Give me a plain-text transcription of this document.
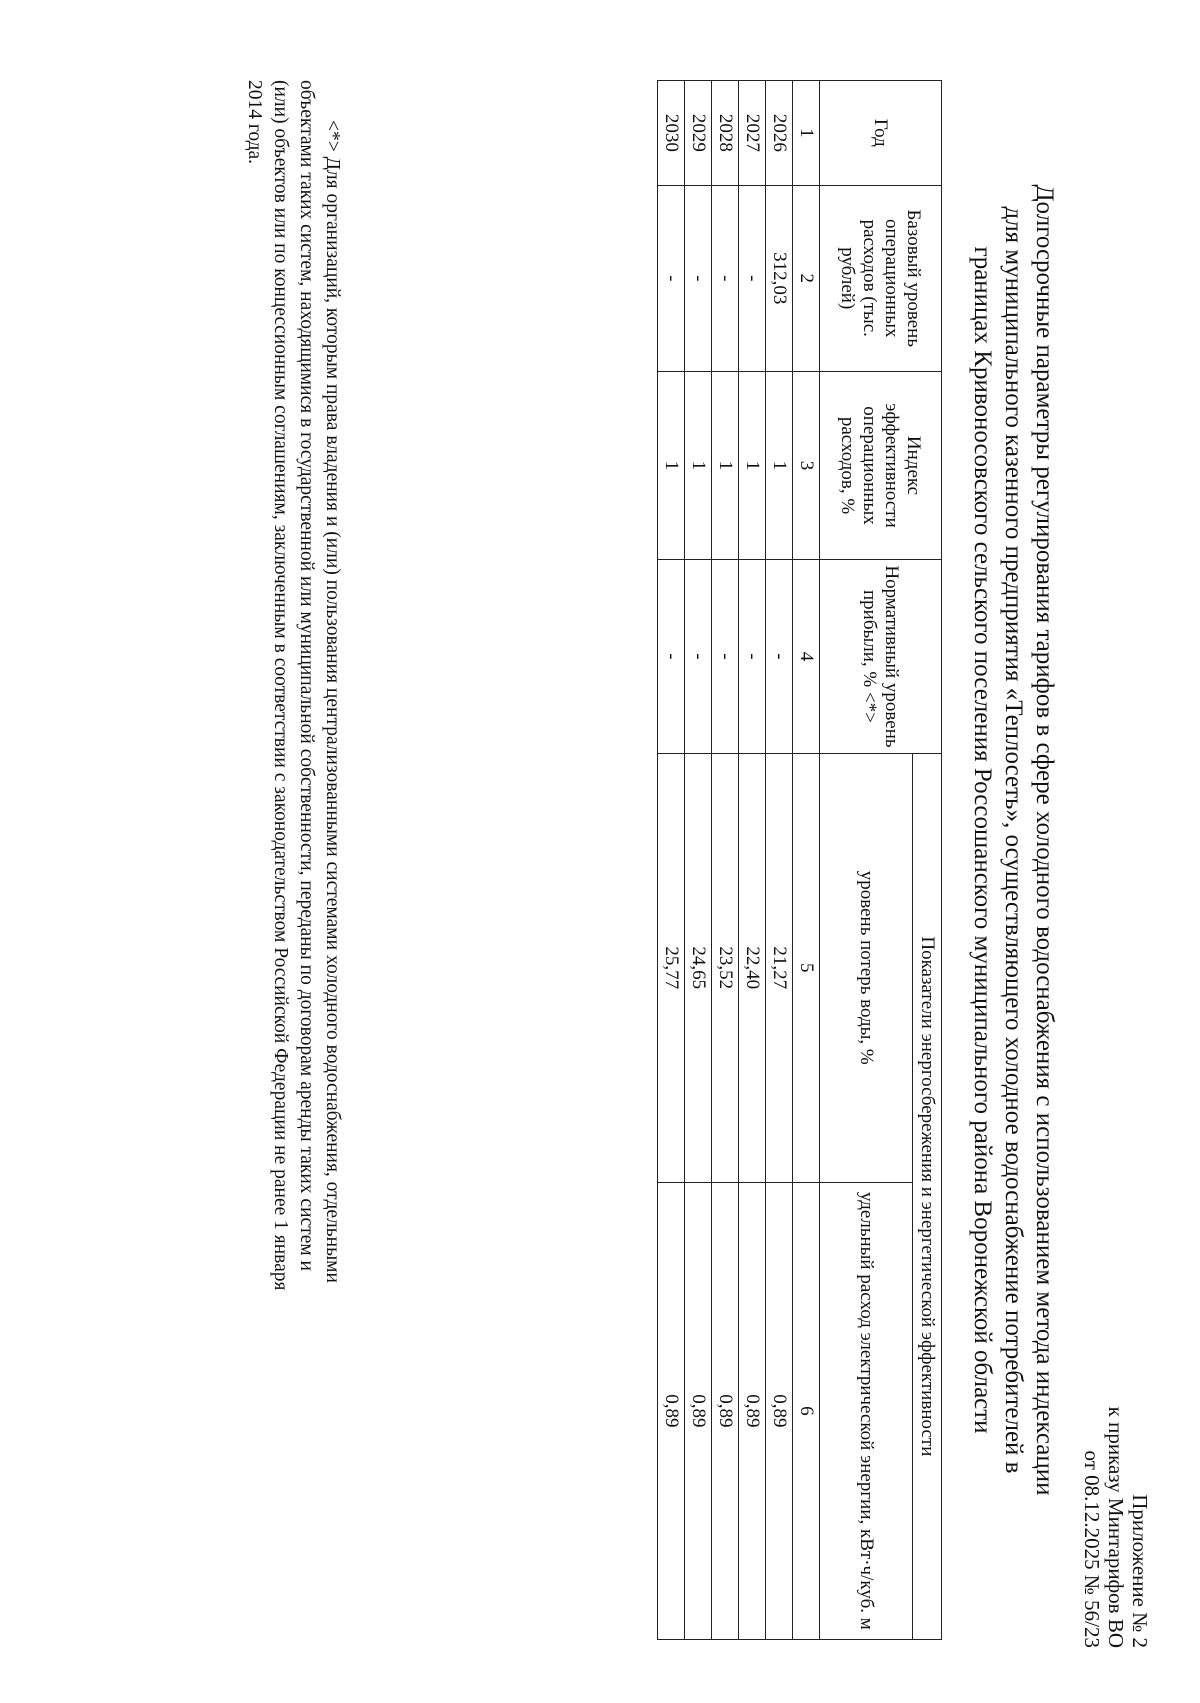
Приложение № 2
к приказу Минтарифов ВО
от 08.12.2025 № 56/23
Долгосрочные параметры регулирования тарифов в сфере холодного водоснабжения с использованием метода индексации
для муниципального казенного предприятия «Теплосеть», осуществляющего холодное водоснабжение потребителей в
границах Кривоносовского сельского поселения Россошанского муниципального района Воронежской области
Год	Базовый уровень операционных расходов (тыс. рублей)	Индекс эффективности операционных расходов, %	Нормативный уровень прибыли, % <*>	Показатели энергосбережения и энергетической эффективности	
				уровень потерь воды, %	удельный расход электрической энергии, кВт·ч/куб. м
1	2	3	4	5	6
2026	312,03	1	-	21,27	0,89
2027	-	1	-	22,40	0,89
2028	-	1	-	23,52	0,89
2029	-	1	-	24,65	0,89
2030	-	1	-	25,77	0,89
<*> Для организаций, которым права владения и (или) пользования централизованными системами холодного водоснабжения, отдельными
объектами таких систем, находящимися в государственной или муниципальной собственности, переданы по договорам аренды таких систем и
(или) объектов или по концессионным соглашениям, заключенным в соответствии с законодательством Российской Федерации не ранее 1 января
2014 года.
